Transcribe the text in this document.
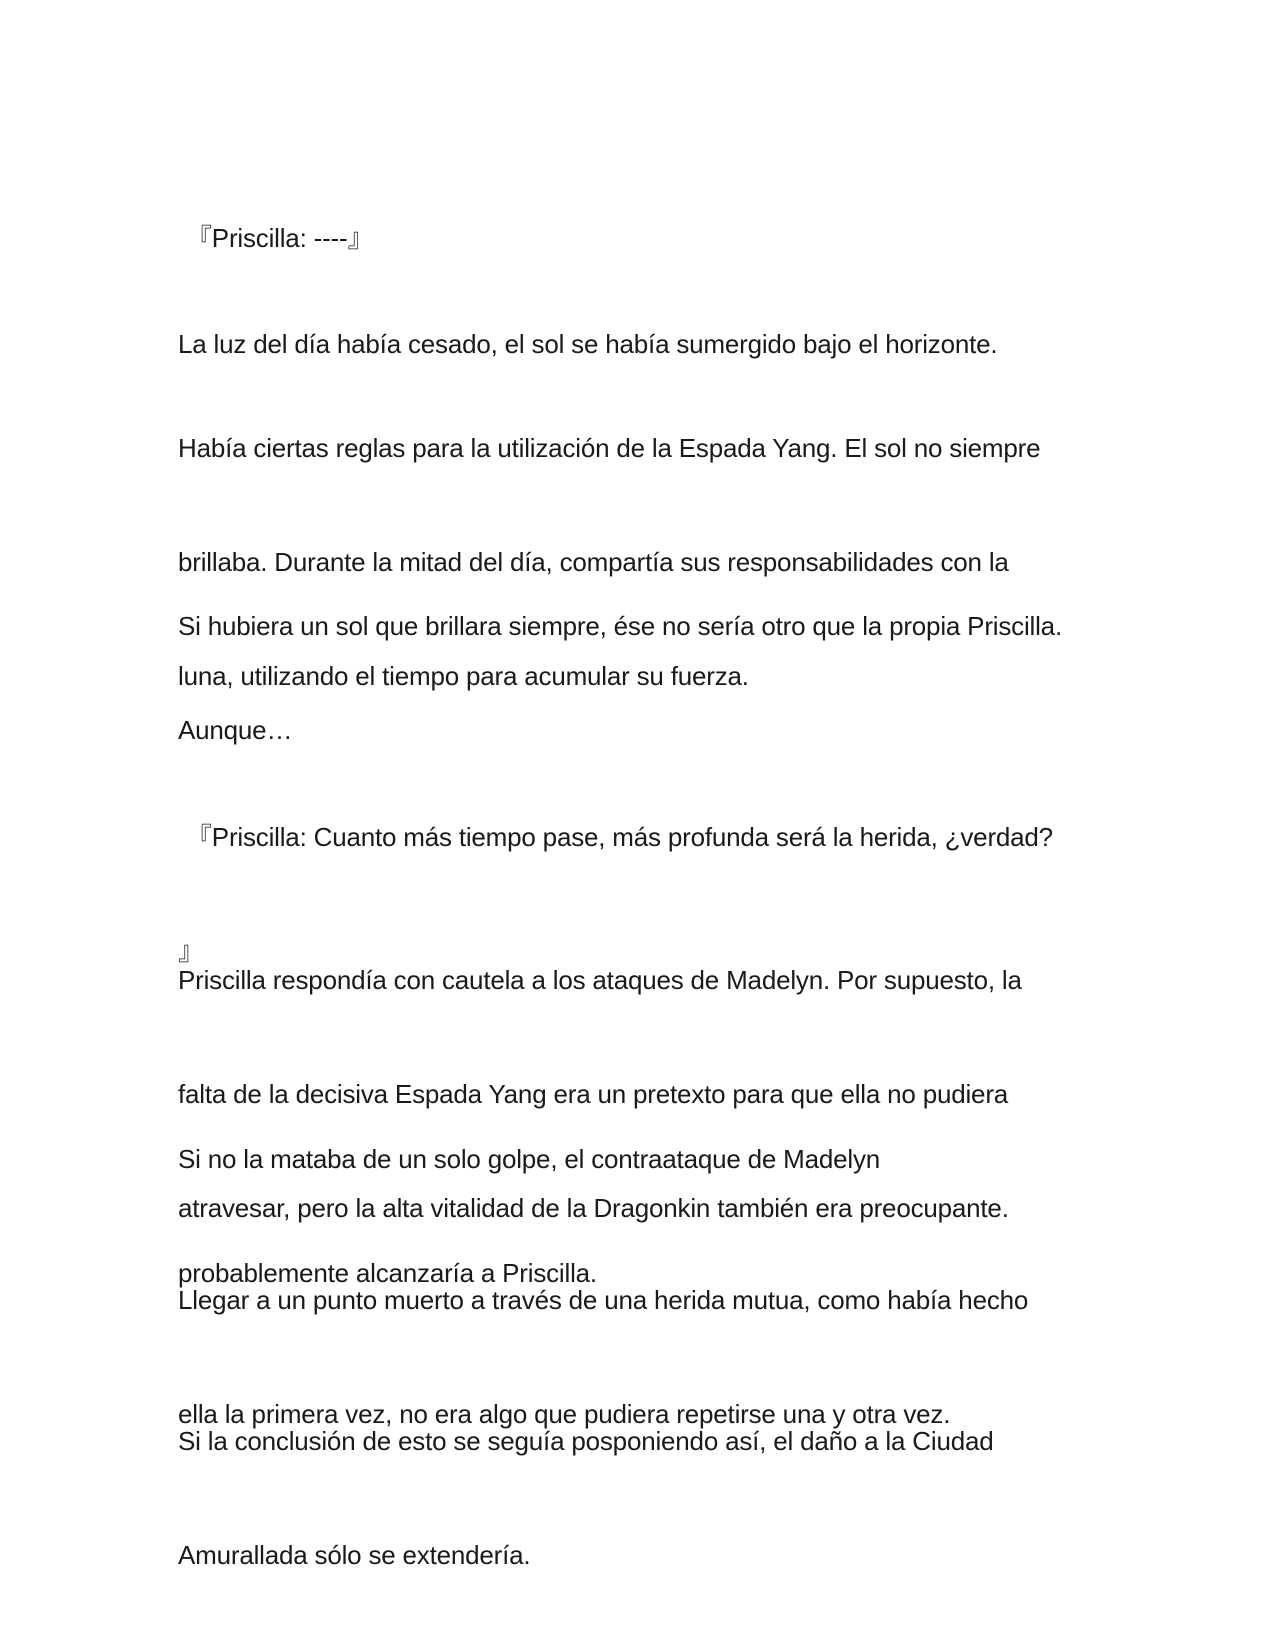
『Priscilla: ----』

La luz del día había cesado, el sol se había sumergido bajo el horizonte.

Había ciertas reglas para la utilización de la Espada Yang. El sol no siempre

brillaba. Durante la mitad del día, compartía sus responsabilidades con la

luna, utilizando el tiempo para acumular su fuerza.

Si hubiera un sol que brillara siempre, ése no sería otro que la propia Priscilla.

Aunque…

『Priscilla: Cuanto más tiempo pase, más profunda será la herida, ¿verdad?

』

Priscilla respondía con cautela a los ataques de Madelyn. Por supuesto, la

falta de la decisiva Espada Yang era un pretexto para que ella no pudiera

atravesar, pero la alta vitalidad de la Dragonkin también era preocupante.

Si no la mataba de un solo golpe, el contraataque de Madelyn

probablemente alcanzaría a Priscilla.

Llegar a un punto muerto a través de una herida mutua, como había hecho

ella la primera vez, no era algo que pudiera repetirse una y otra vez.

Si la conclusión de esto se seguía posponiendo así, el daño a la Ciudad

Amurallada sólo se extendería.
